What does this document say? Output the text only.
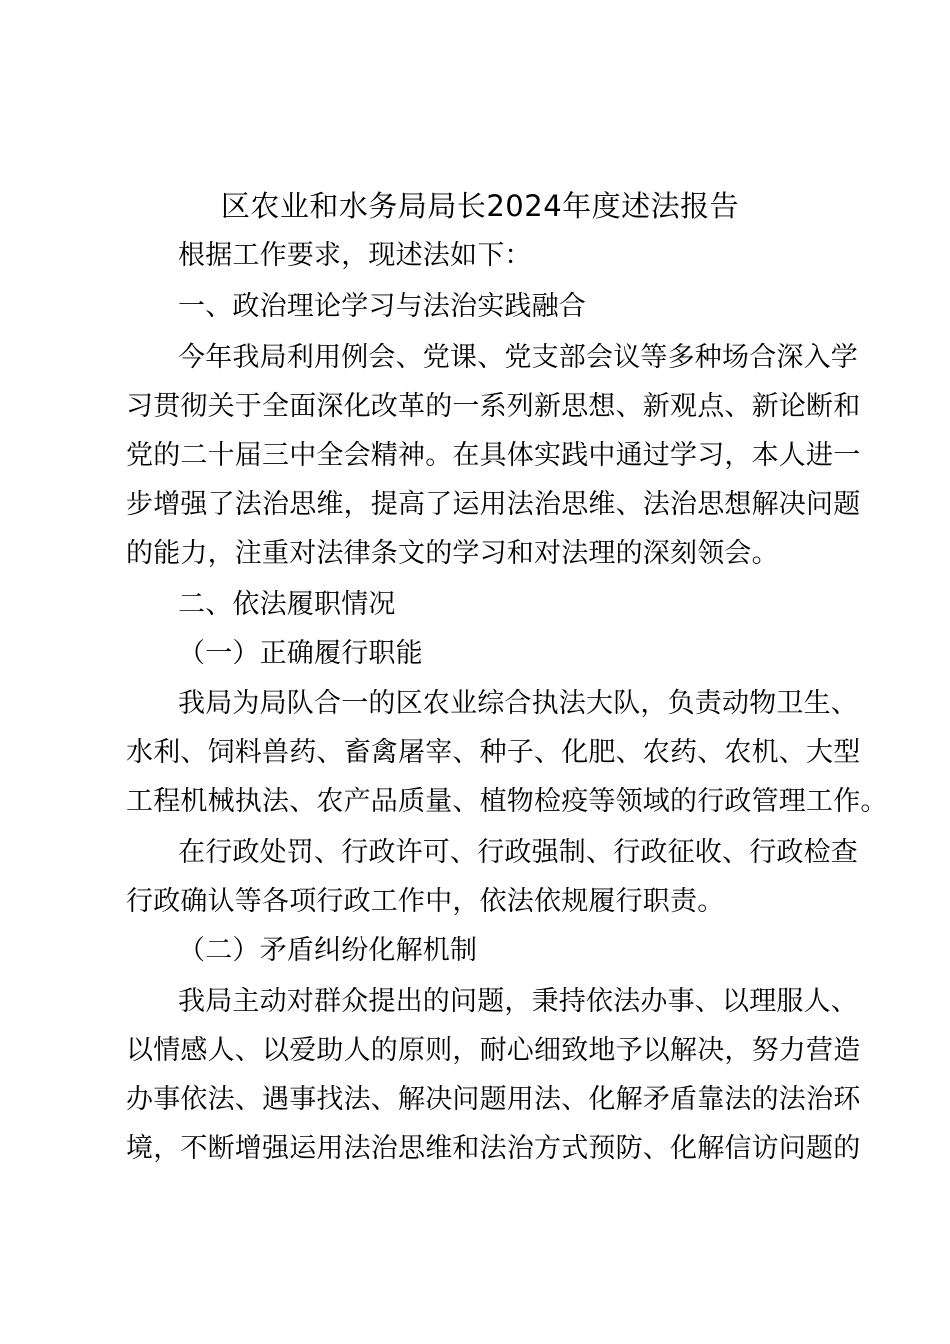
区农业和水务局局长2024年度述法报告
根据工作要求，现述法如下：
一、政治理论学习与法治实践融合
今年我局利用例会、党课、党支部会议等多种场合深入学
习贯彻关于全面深化改革的一系列新思想、新观点、新论断和
党的二十届三中全会精神。在具体实践中通过学习，本人进一
步增强了法治思维，提高了运用法治思维、法治思想解决问题
的能力，注重对法律条文的学习和对法理的深刻领会。
二、依法履职情况
（一）正确履行职能
我局为局队合一的区农业综合执法大队，负责动物卫生、
水利、饲料兽药、畜禽屠宰、种子、化肥、农药、农机、大型
工程机械执法、农产品质量、植物检疫等领域的行政管理工作。
在行政处罚、行政许可、行政强制、行政征收、行政检查
行政确认等各项行政工作中，依法依规履行职责。
（二）矛盾纠纷化解机制
我局主动对群众提出的问题，秉持依法办事、以理服人、
以情感人、以爱助人的原则，耐心细致地予以解决，努力营造
办事依法、遇事找法、解决问题用法、化解矛盾靠法的法治环
境，不断增强运用法治思维和法治方式预防、化解信访问题的
